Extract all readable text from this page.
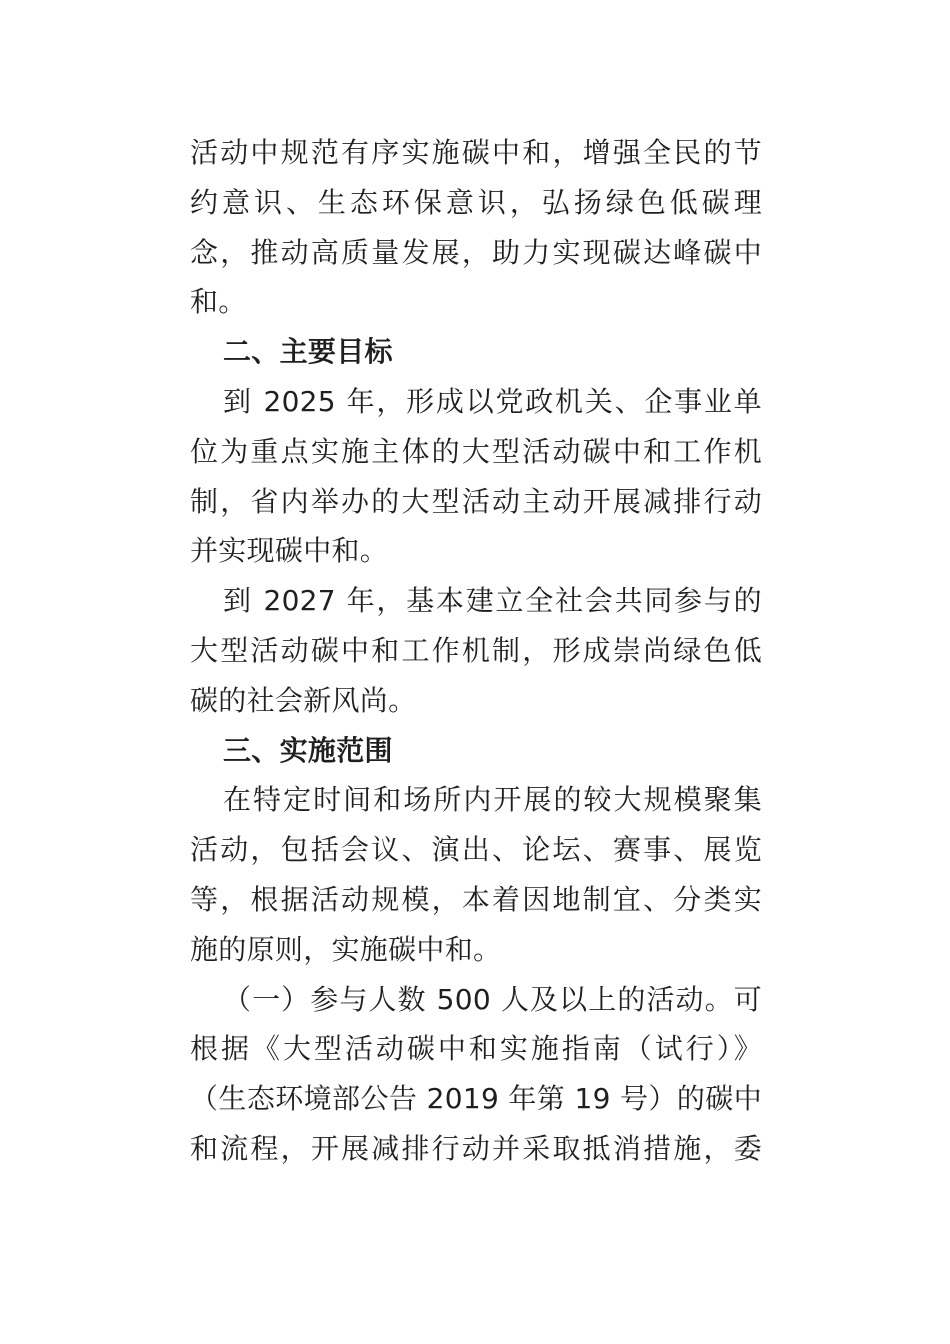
活动中规范有序实施碳中和，增强全民的节
约意识、生态环保意识，弘扬绿色低碳理
念，推动高质量发展，助力实现碳达峰碳中
和。
二、主要目标
到 2025 年，形成以党政机关、企事业单
位为重点实施主体的大型活动碳中和工作机
制，省内举办的大型活动主动开展减排行动
并实现碳中和。
到 2027 年，基本建立全社会共同参与的
大型活动碳中和工作机制，形成崇尚绿色低
碳的社会新风尚。
三、实施范围
在特定时间和场所内开展的较大规模聚集
活动，包括会议、演出、论坛、赛事、展览
等，根据活动规模，本着因地制宜、分类实
施的原则，实施碳中和。
（一）参与人数 500 人及以上的活动。可
根据《大型活动碳中和实施指南（试行）》
（生态环境部公告 2019 年第 19 号）的碳中
和流程，开展减排行动并采取抵消措施，委
